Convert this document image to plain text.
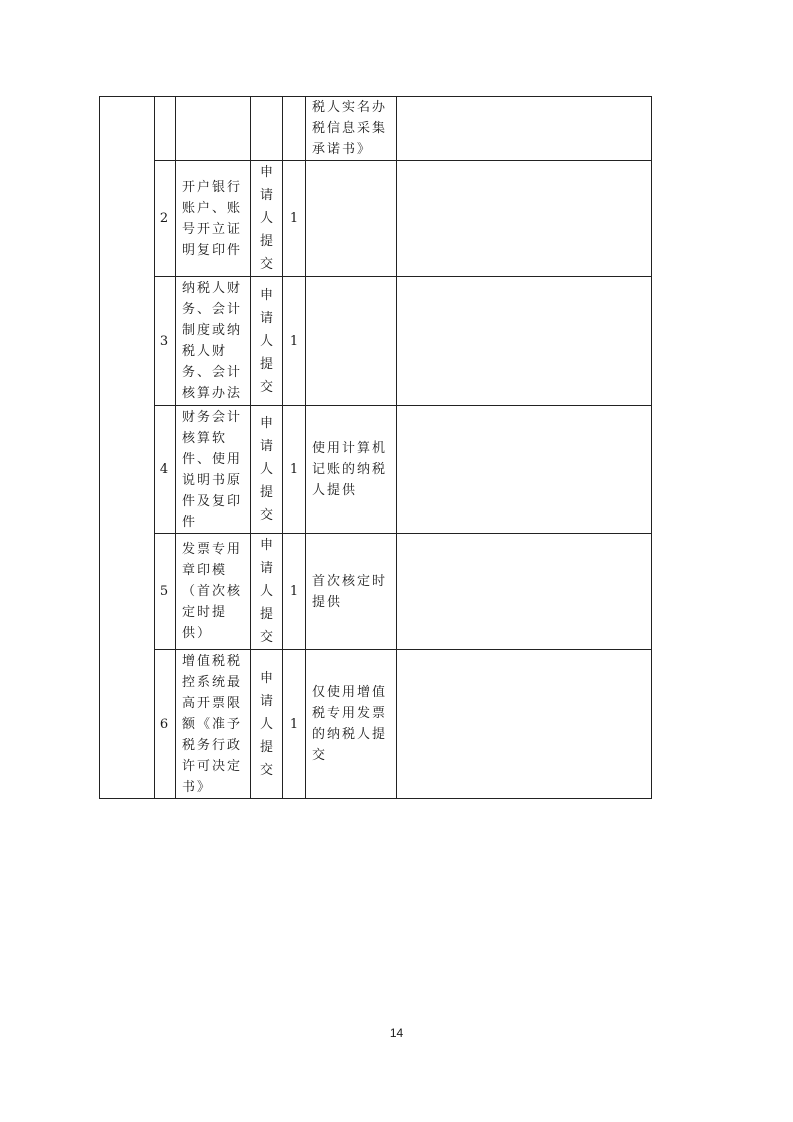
					税人实名办税信息采集承诺书》	
	2	开户银行账户、账号开立证明复印件	申
请
人
提
交	1		
	3	纳税人财务、会计制度或纳税人财务、会计核算办法	申
请
人
提
交	1		
	4	财务会计核算软件、使用说明书原件及复印件	申
请
人
提
交	1	使用计算机记账的纳税人提供	
	5	发票专用章印模（首次核定时提供）	申
请
人
提
交	1	首次核定时提供	
	6	增值税税控系统最高开票限额《准予税务行政许可决定书》	申
请
人
提
交	1	仅使用增值税专用发票的纳税人提交	
14
